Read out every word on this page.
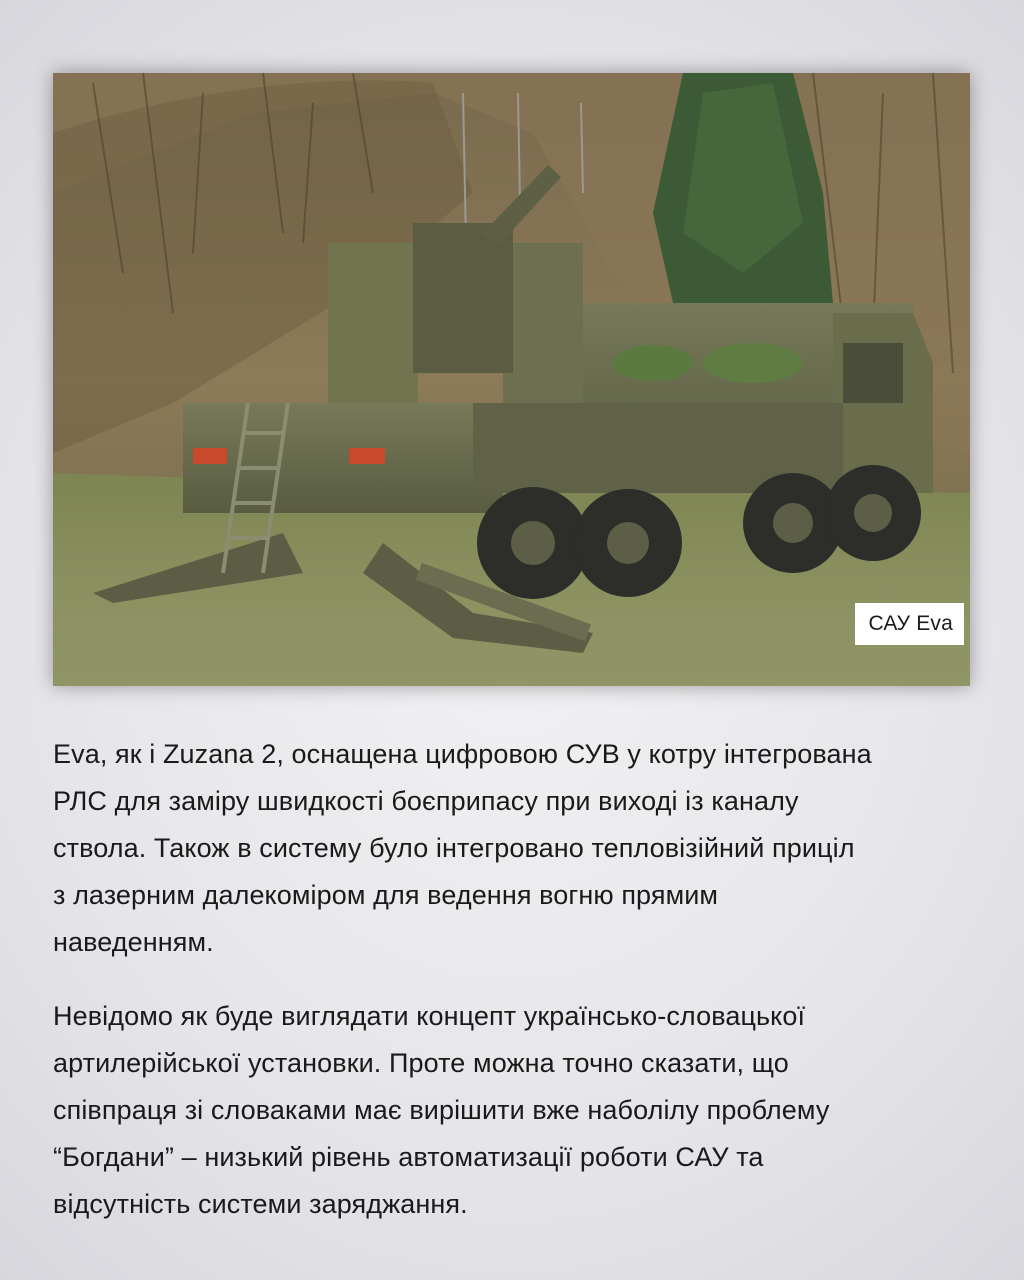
САУ Eva

Eva, як і Zuzana 2, оснащена цифровою СУВ у котру інтегрована
РЛС для заміру швидкості боєприпасу при виході із каналу
ствола. Також в систему було інтегровано тепловізійний приціл
з лазерним далекоміром для ведення вогню прямим
наведенням.

Невідомо як буде виглядати концепт українсько-словацької
артилерійської установки. Проте можна точно сказати, що
співпраця зі словаками має вирішити вже наболілу проблему
“Богдани” – низький рівень автоматизації роботи САУ та
відсутність системи заряджання.
